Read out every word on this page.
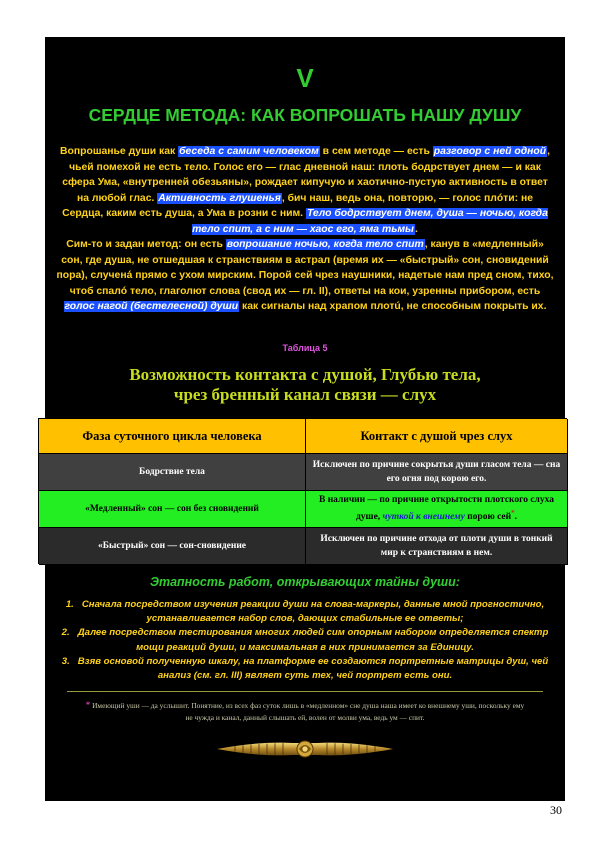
V
СЕРДЦЕ МЕТОДА: КАК ВОПРОШАТЬ НАШУ ДУШУ
Вопрошанье души как беседа с самим человеком в сем методе — есть разговор с ней одной, чьей помехой не есть тело. Голос его — глас дневной наш: плоть бодрствует днем — и как сфера Ума, «внутренней обезьяны», рождает кипучую и хаотично-пустую активность в ответ на любой глас. Активность глушенья, бич наш, ведь она, повторю, — голос плóти: не Сердца, каким есть душа, а Ума в розни с ним. Тело бодрствует днем, душа — ночью, когда тело спит, а с ним — хаос его, яма тьмы.
Сим-то и задан метод: он есть вопрошание ночью, когда тело спит, канув в «медленный» сон, где душа, не отшедшая к странствиям в астрал (время их — «быстрый» сон, сновидений пора), слученá прямо с ухом мирским. Порой сей чрез наушники, надетые нам пред сном, тихо, чтоб спалó тело, глаголют слова (свод их — гл. II), ответы на кои, узренны прибором, есть голос нагой (бестелесной) души как сигналы над храпом плотú, не способным покрыть их.
Таблица 5
Возможность контакта с душой, Глубью тела,
чрез бренный канал связи — слух
Этапность работ, открывающих тайны души:
1. Сначала посредством изучения реакции души на слова-маркеры, данные мной прогностично, устанавливается набор слов, дающих стабильные ее ответы;
2. Далее посредством тестирования многих людей сим опорным набором определяется спектр мощи реакций души, и максимальная в них принимается за Единицу.
3. Взяв основой полученную шкалу, на платформе ее создаются портретные матрицы душ, чей анализ (см. гл. III) являет суть тех, чей портрет есть они.
* Имеющий уши — да услышит. Понятние, из всех фаз суток лишь в «медленном» сне душа наша имеет ко внешнему уши, поскольку ему не чужда и канал, данный слышать ей, волен от молви ума, ведь ум — спит.
Фаза суточного цикла человека	Контакт с душой чрез слух
Бодрствие тела
Исключен по причине сокрытья души гласом тела — сна его огня под корою его.
«Медленный» сон — сон без сновидений
В наличии — по причине открытости плотского слуха душе, чуткой к внешнему порою сей*.
«Быстрый» сон — сон-сновидение
Исключен по причине отхода от плоти души в тонкий мир к странствиям в нем.
30
